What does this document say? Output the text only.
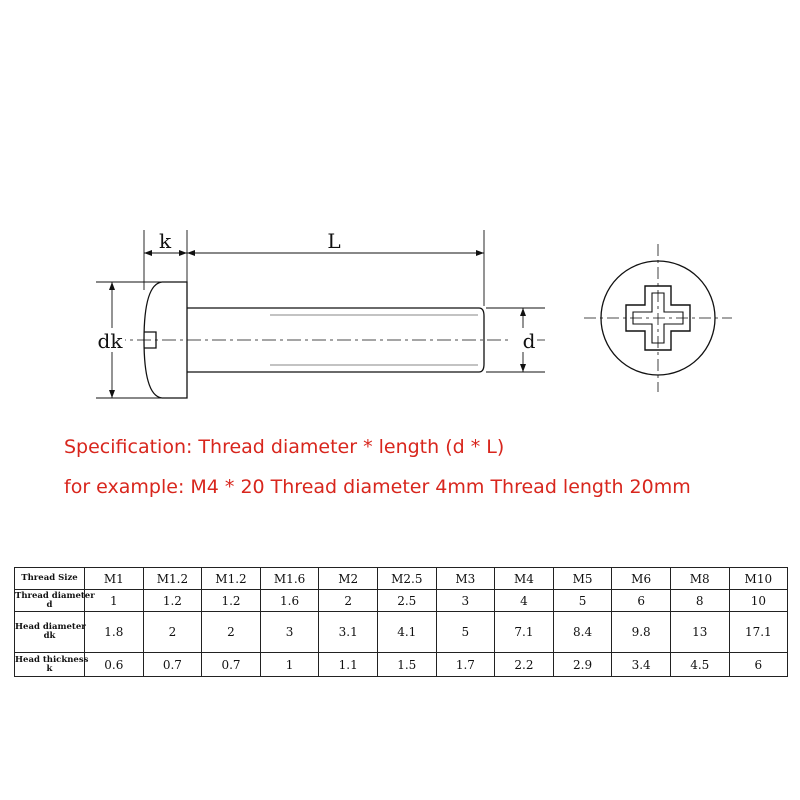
k	L
dk	d
Specification: Thread diameter * length (d * L)
for example: M4 * 20 Thread diameter 4mm Thread length 20mm
Thread Size	M1	M1.2	M1.2	M1.6	M2	M2.5	M3	M4	M5	M6	M8	M10

Thread diameter
d	1	1.2	1.2	1.6	2	2.5	3	4	5	6	8	10

Head diameter
dk	1.8	2	2	3	3.1	4.1	5	7.1	8.4	9.8	13	17.1

Head thickness
k	0.6	0.7	0.7	1	1.1	1.5	1.7	2.2	2.9	3.4	4.5	6
